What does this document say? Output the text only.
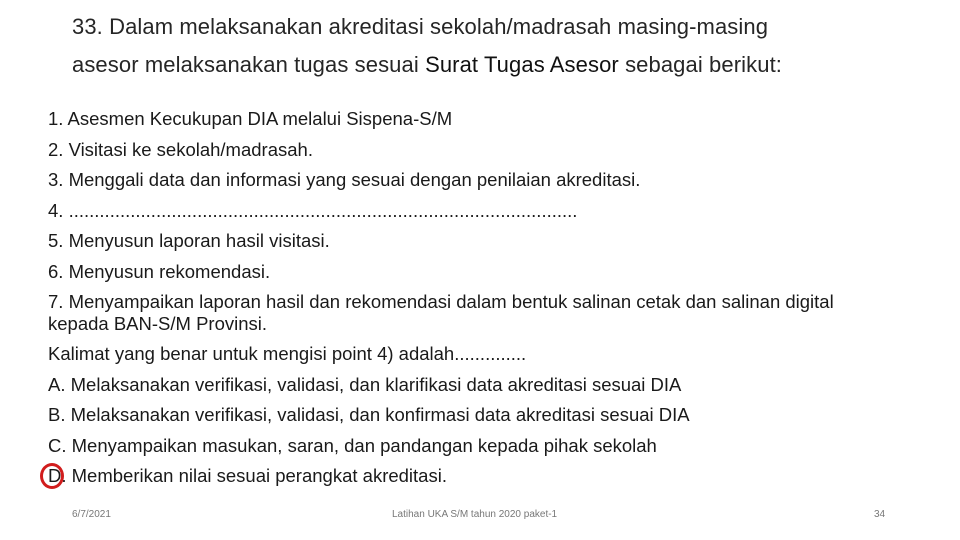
33. Dalam melaksanakan akreditasi sekolah/madrasah masing-masing
asesor melaksanakan tugas sesuai Surat Tugas Asesor sebagai berikut:
1. Asesmen Kecukupan DIA melalui Sispena-S/M
2. Visitasi ke sekolah/madrasah.
3. Menggali data dan informasi yang sesuai dengan penilaian akreditasi.
4. ...................................................................................................
5. Menyusun laporan hasil visitasi.
6. Menyusun rekomendasi.
7. Menyampaikan laporan hasil dan rekomendasi dalam bentuk salinan cetak dan salinan digital kepada BAN-S/M Provinsi.
Kalimat yang benar untuk mengisi point 4) adalah..............
A. Melaksanakan verifikasi, validasi, dan klarifikasi data akreditasi sesuai DIA
B. Melaksanakan verifikasi, validasi, dan konfirmasi data akreditasi sesuai DIA
C. Menyampaikan masukan, saran, dan pandangan kepada pihak sekolah
D. Memberikan nilai sesuai perangkat akreditasi.
6/7/2021	Latihan UKA S/M tahun 2020 paket-1	34
